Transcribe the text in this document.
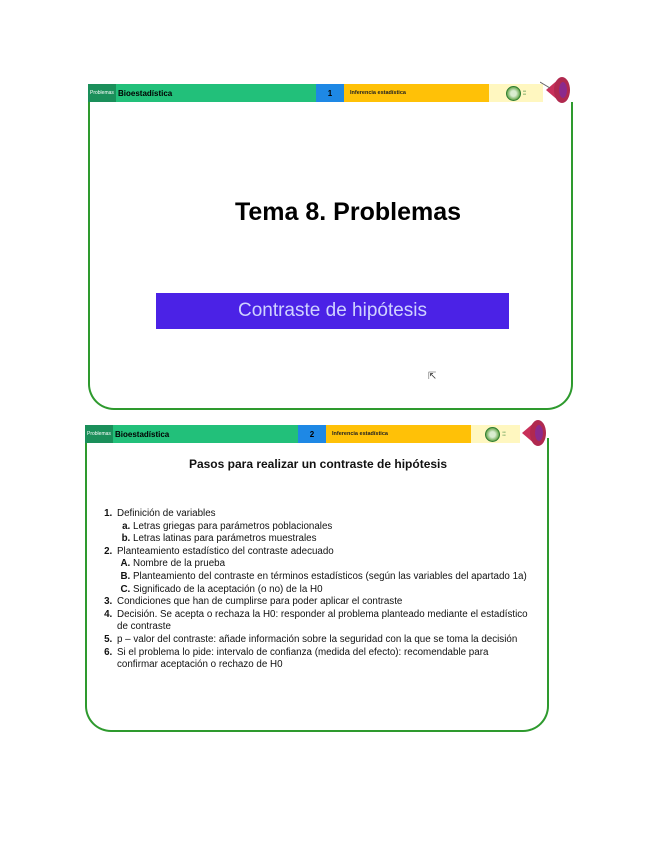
Problemas Bioestadística	1	Inferencia estadística	▪▪▪
▪▪▪
Tema 8. Problemas
Contraste de hipótesis
⇱
Problemas Bioestadística	2	Inferencia estadística	▪▪▪
▪▪▪
Pasos para realizar un contraste de hipótesis
1. Definición de variables
a. Letras griegas para parámetros poblacionales
b. Letras latinas para parámetros muestrales
2. Planteamiento estadístico del contraste adecuado
A. Nombre de la prueba
B. Planteamiento del contraste en términos estadísticos (según las variables del apartado 1a)
C. Significado de la aceptación (o no) de la H0
3. Condiciones que han de cumplirse para poder aplicar el contraste
4. Decisión. Se acepta o rechaza la H0: responder al problema planteado mediante el estadístico de contraste
5. p – valor del contraste: añade información sobre la seguridad con la que se toma la decisión
6. Si el problema lo pide: intervalo de confianza (medida del efecto): recomendable para confirmar aceptación o rechazo de H0
